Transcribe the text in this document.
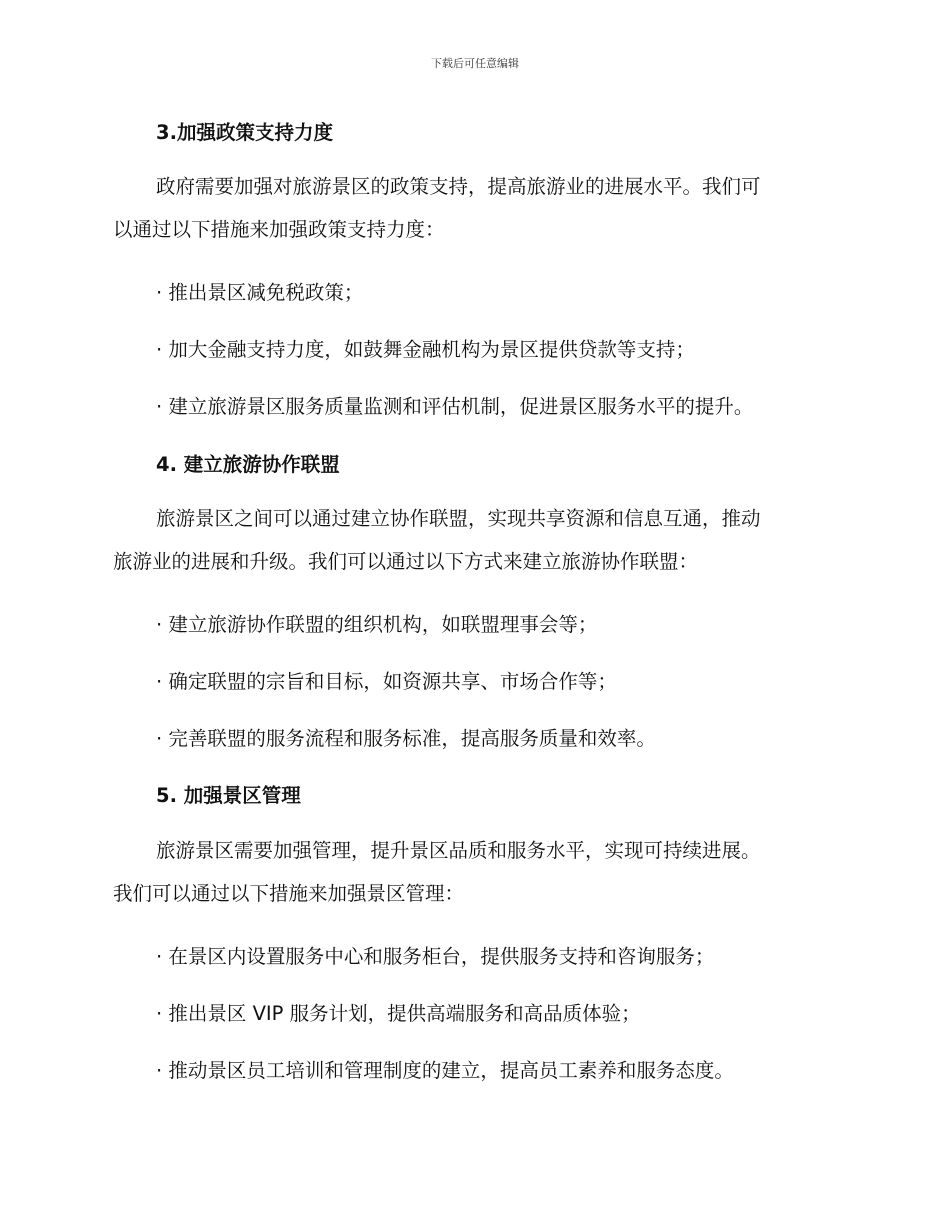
下载后可任意编辑
3.加强政策支持力度
政府需要加强对旅游景区的政策支持，提高旅游业的进展水平。我们可
以通过以下措施来加强政策支持力度：
· 推出景区减免税政策；
· 加大金融支持力度，如鼓舞金融机构为景区提供贷款等支持；
· 建立旅游景区服务质量监测和评估机制，促进景区服务水平的提升。
4. 建立旅游协作联盟
旅游景区之间可以通过建立协作联盟，实现共享资源和信息互通，推动
旅游业的进展和升级。我们可以通过以下方式来建立旅游协作联盟：
· 建立旅游协作联盟的组织机构，如联盟理事会等；
· 确定联盟的宗旨和目标，如资源共享、市场合作等；
· 完善联盟的服务流程和服务标准，提高服务质量和效率。
5. 加强景区管理
旅游景区需要加强管理，提升景区品质和服务水平，实现可持续进展。
我们可以通过以下措施来加强景区管理：
· 在景区内设置服务中心和服务柜台，提供服务支持和咨询服务；
· 推出景区 VIP 服务计划，提供高端服务和高品质体验；
· 推动景区员工培训和管理制度的建立，提高员工素养和服务态度。
